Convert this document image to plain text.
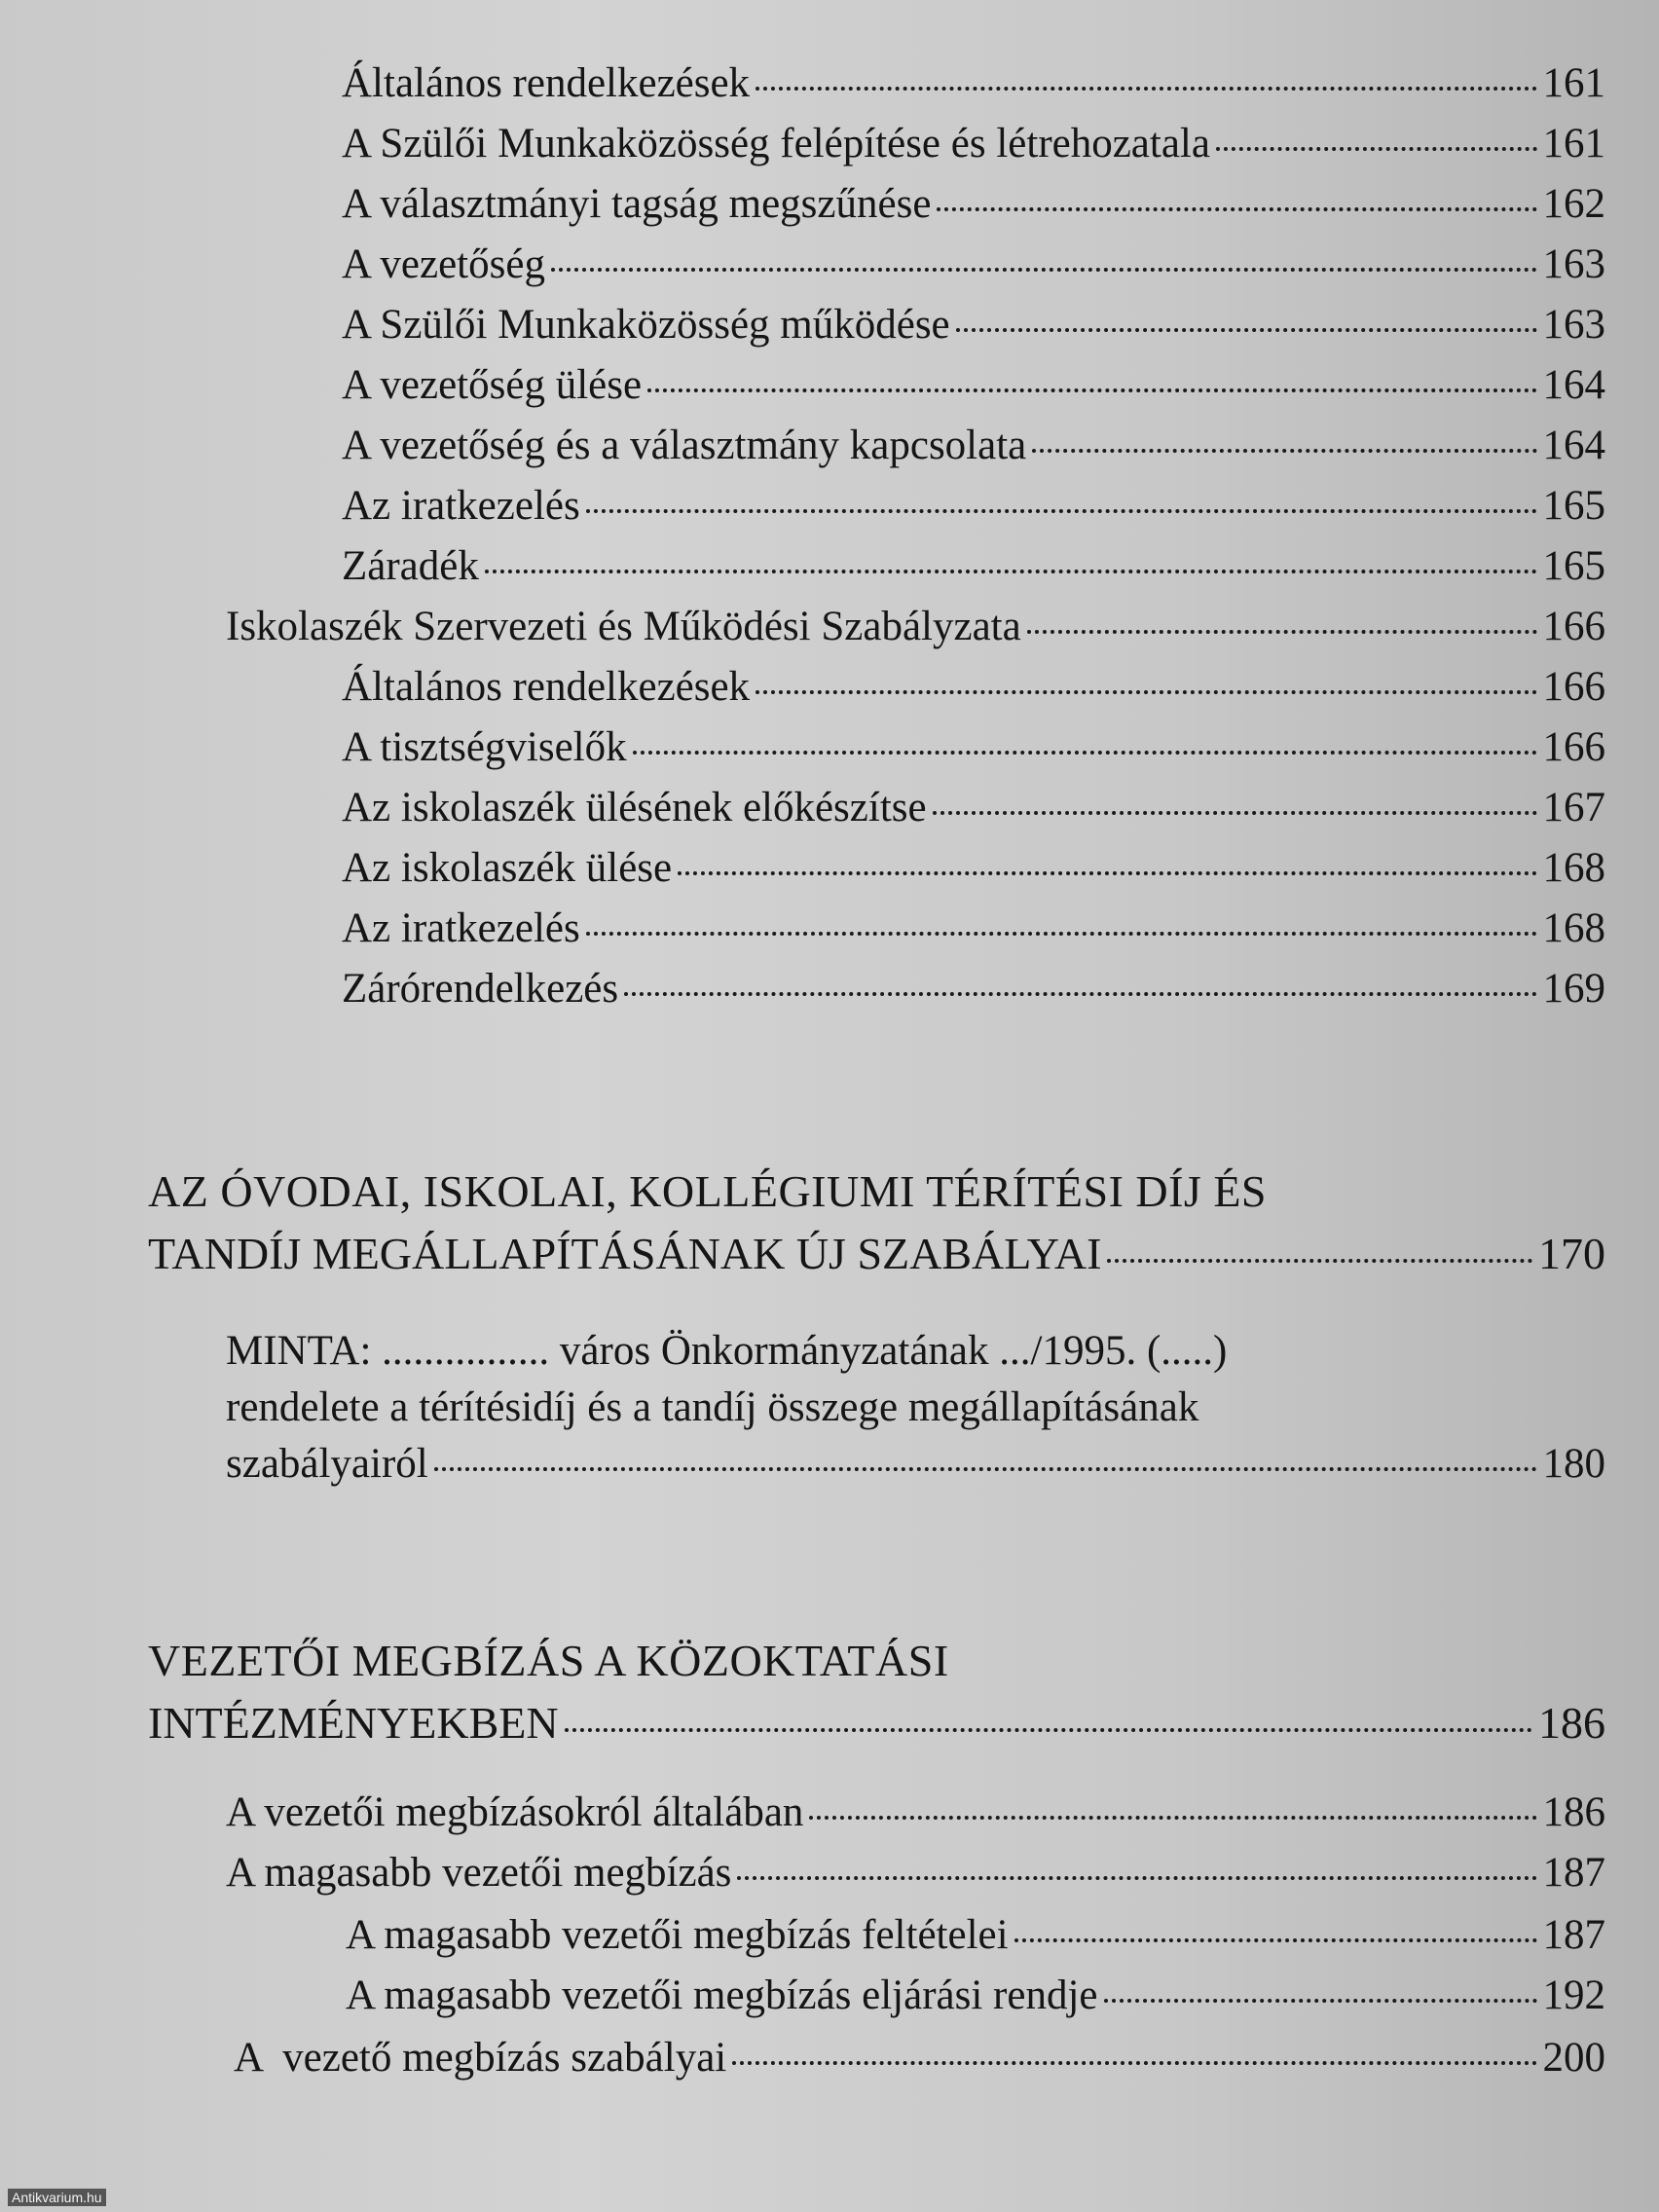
Általános rendelkezések	161
A Szülői Munkaközösség felépítése és létrehozatala	161
A választmányi tagság megszűnése	162
A vezetőség	163
A Szülői Munkaközösség működése	163
A vezetőség ülése	164
A vezetőség és a választmány kapcsolata	164
Az iratkezelés	165
Záradék	165
Iskolaszék Szervezeti és Működési Szabályzata	166
Általános rendelkezések	166
A tisztségviselők	166
Az iskolaszék ülésének előkészítse	167
Az iskolaszék ülése	168
Az iratkezelés	168
Zárórendelkezés	169
AZ ÓVODAI, ISKOLAI, KOLLÉGIUMI TÉRÍTÉSI DÍJ ÉS
TANDÍJ MEGÁLLAPÍTÁSÁNAK ÚJ SZABÁLYAI	170
MINTA: ................ város Önkormányzatának .../1995. (.....)
rendelete a térítésidíj és a tandíj összege megállapításának
szabályairól	180
VEZETŐI MEGBÍZÁS A KÖZOKTATÁSI
INTÉZMÉNYEKBEN	186
A vezetői megbízásokról általában	186
A magasabb vezetői megbízás	187
A magasabb vezetői megbízás feltételei	187
A magasabb vezetői megbízás eljárási rendje	192
A  vezető megbízás szabályai	200
Antikvarium.hu
